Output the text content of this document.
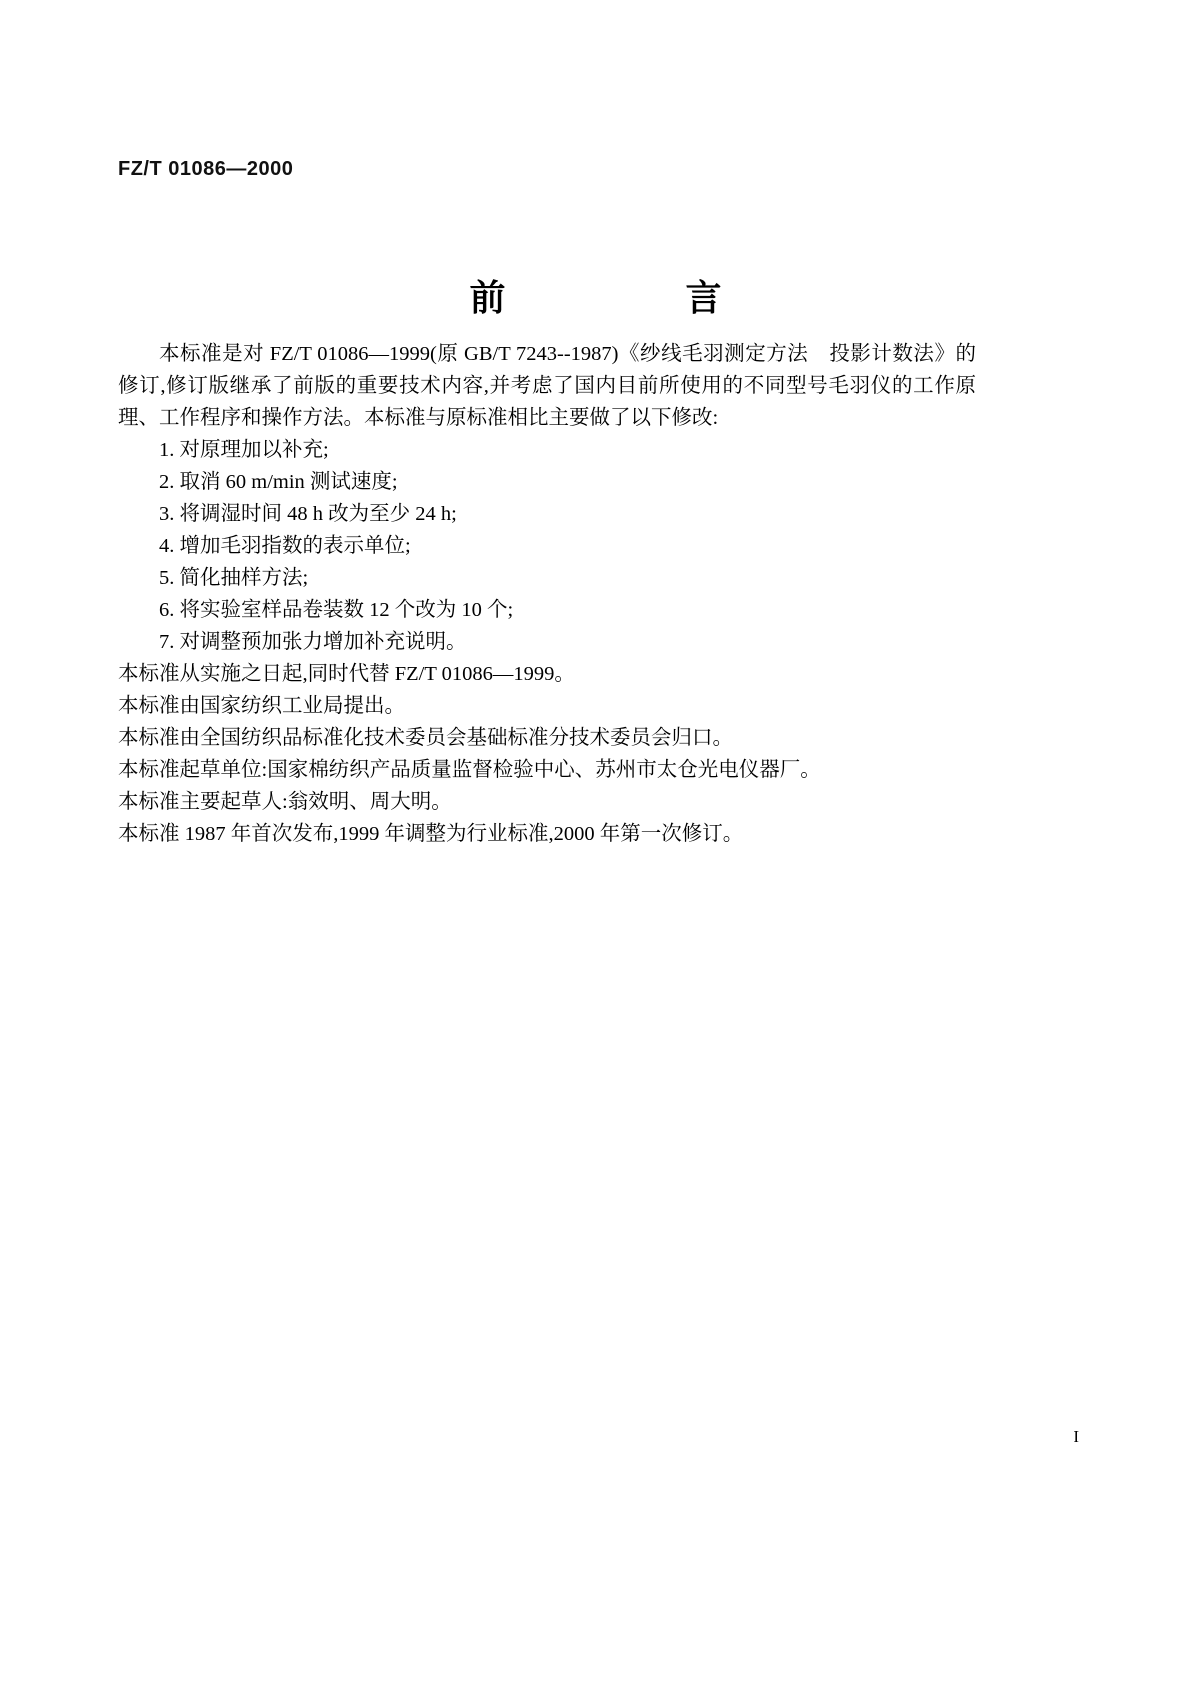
FZ/T 01086—2000
前　　言

本标准是对 FZ/T 01086—1999(原 GB/T 7243--1987)《纱线毛羽测定方法　投影计数法》的修订,修订版继承了前版的重要技术内容,并考虑了国内目前所使用的不同型号毛羽仪的工作原理、工作程序和操作方法。本标准与原标准相比主要做了以下修改:

1. 对原理加以补充;
2. 取消 60 m/min 测试速度;
3. 将调湿时间 48 h 改为至少 24 h;
4. 增加毛羽指数的表示单位;
5. 简化抽样方法;
6. 将实验室样品卷装数 12 个改为 10 个;
7. 对调整预加张力增加补充说明。
本标准从实施之日起,同时代替 FZ/T 01086—1999。
本标准由国家纺织工业局提出。
本标准由全国纺织品标准化技术委员会基础标准分技术委员会归口。
本标准起草单位:国家棉纺织产品质量监督检验中心、苏州市太仓光电仪器厂。
本标准主要起草人:翁效明、周大明。
本标准 1987 年首次发布,1999 年调整为行业标准,2000 年第一次修订。
I
